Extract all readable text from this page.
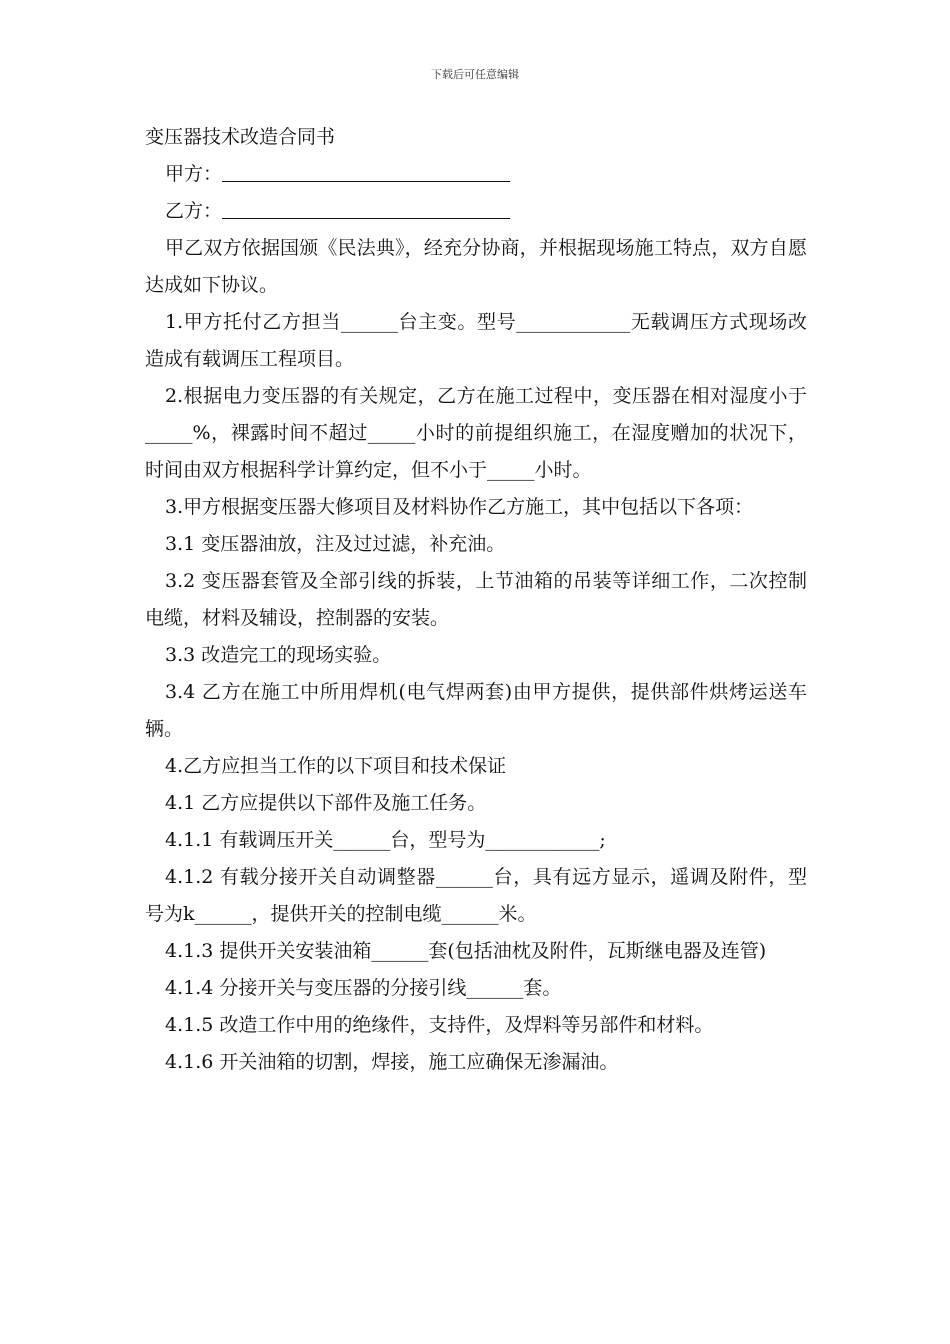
下载后可任意编辑

变压器技术改造合同书

甲方：

乙方：

甲乙双方依据国颁《民法典》，经充分协商，并根据现场施工特点，双方自愿达成如下协议。

1.甲方托付乙方担当______台主变。型号____________无载调压方式现场改造成有载调压工程项目。

2.根据电力变压器的有关规定，乙方在施工过程中，变压器在相对湿度小于_____%，裸露时间不超过_____小时的前提组织施工，在湿度赠加的状况下，时间由双方根据科学计算约定，但不小于_____小时。

3.甲方根据变压器大修项目及材料协作乙方施工，其中包括以下各项：

3.1 变压器油放，注及过过滤，补充油。

3.2 变压器套管及全部引线的拆装，上节油箱的吊装等详细工作，二次控制电缆，材料及辅设，控制器的安装。

3.3 改造完工的现场实验。

3.4 乙方在施工中所用焊机(电气焊两套)由甲方提供，提供部件烘烤运送车辆。

4.乙方应担当工作的以下项目和技术保证

4.1 乙方应提供以下部件及施工任务。

4.1.1 有载调压开关______台，型号为____________;

4.1.2 有载分接开关自动调整器______台，具有远方显示，遥调及附件，型号为k______，提供开关的控制电缆______米。

4.1.3 提供开关安装油箱______套(包括油枕及附件，瓦斯继电器及连管)

4.1.4 分接开关与变压器的分接引线______套。

4.1.5 改造工作中用的绝缘件，支持件，及焊料等另部件和材料。

4.1.6 开关油箱的切割，焊接，施工应确保无渗漏油。
